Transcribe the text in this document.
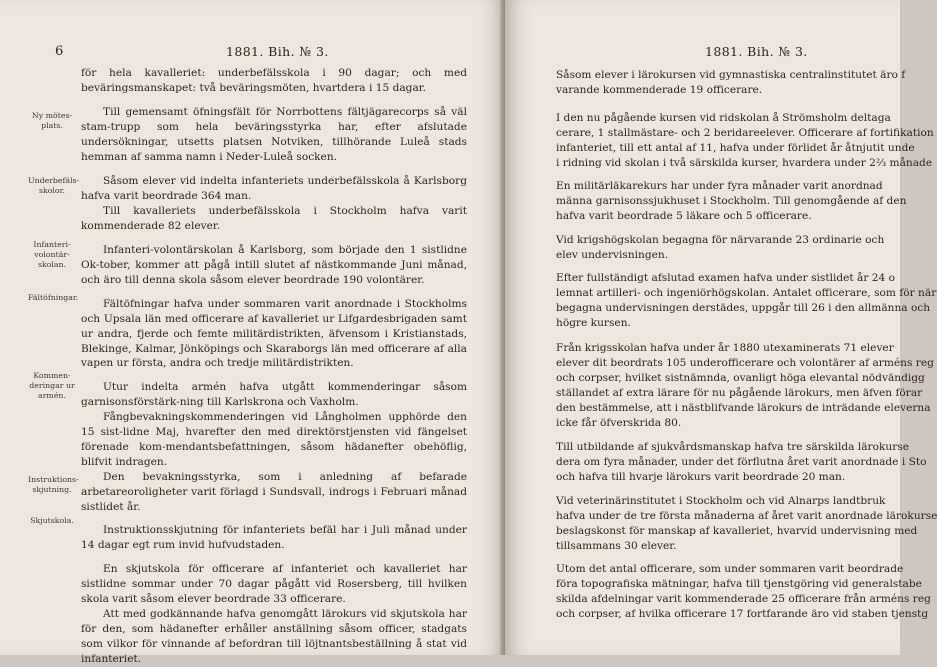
6	1881. Bih. № 3.
Ny mötes-plats.
Underbefäls-skolor.
Infanteri-volontär-skolan.
Fältöfningar.
Kommen-deringar ur armén.
Instruktions-skjutning.
Skjutskola.

för hela kavalleriet: underbefälsskola i 90 dagar; och med beväringsmanskapet: två beväringsmöten, hvartdera i 15 dagar.

Till gemensamt öfningsfält för Norrbottens fältjägarecorps så väl stam-trupp som hela beväringsstyrka har, efter afslutade undersökningar, utsetts platsen Notviken, tillhörande Luleå stads hemman af samma namn i Neder-Luleå socken.

Såsom elever vid indelta infanteriets underbefälsskola å Karlsborg hafva varit beordrade 364 man.

Till kavalleriets underbefälsskola i Stockholm hafva varit kommenderade 82 elever.

Infanteri-volontärskolan å Karlsborg, som började den 1 sistlidne Ok-tober, kommer att pågå intill slutet af nästkommande Juni månad, och äro till denna skola såsom elever beordrade 190 volontärer.

Fältöfningar hafva under sommaren varit anordnade i Stockholms och Upsala län med officerare af kavalleriet ur Lifgardesbrigaden samt ur andra, fjerde och femte militärdistrikten, äfvensom i Kristianstads, Blekinge, Kalmar, Jönköpings och Skaraborgs län med officerare af alla vapen ur första, andra och tredje militärdistrikten.

Utur indelta armén hafva utgått kommenderingar såsom garnisonsförstärk-ning till Karlskrona och Vaxholm.

Fångbevakningskommenderingen vid Långholmen upphörde den 15 sist-lidne Maj, hvarefter den med direktörstjensten vid fängelset förenade kom-mendantsbefattningen, såsom hädanefter obehöflig, blifvit indragen.

Den bevakningsstyrka, som i anledning af befarade arbetareoroligheter varit förlagd i Sundsvall, indrogs i Februari månad sistlidet år.

Instruktionsskjutning för infanteriets befäl har i Juli månad under 14 dagar egt rum invid hufvudstaden.

En skjutskola för officerare af infanteriet och kavalleriet har sistlidne sommar under 70 dagar pågått vid Rosersberg, till hvilken skola varit såsom elever beordrade 33 officerare.

Att med godkännande hafva genomgått lärokurs vid skjutskola har för den, som hädanefter erhåller anställning såsom officer, stadgats som vilkor för vinnande af befordran till löjtnantsbeställning å stat vid infanteriet.

1881. Bih. № 3.

Såsom elever i lärokursen vid gymnastiska centralinstitutet äro f

varande kommenderade 19 officerare.

I den nu pågående kursen vid ridskolan å Strömsholm deltaga

cerare, 1 stallmästare- och 2 beridareelever. Officerare af fortifikation

infanteriet, till ett antal af 11, hafva under förlidet år åtnjutit unde

i ridning vid skolan i två särskilda kurser, hvardera under 2⅔ månade

En militärläkarekurs har under fyra månader varit anordnad

männa garnisonssjukhuset i Stockholm. Till genomgående af den

hafva varit beordrade 5 läkare och 5 officerare.

Vid krigshögskolan begagna för närvarande 23 ordinarie och

elev undervisningen.

Efter fullständigt afslutad examen hafva under sistlidet år 24 o

lemnat artilleri- och ingeniörhögskolan. Antalet officerare, som för när

begagna undervisningen derstädes, uppgår till 26 i den allmänna och

högre kursen.

Från krigsskolan hafva under år 1880 utexaminerats 71 elever

elever dit beordrats 105 underofficerare och volontärer af arméns reg

och corpser, hvilket sistnämnda, ovanligt höga elevantal nödvändigg

ställandet af extra lärare för nu pågående lärokurs, men äfven förar

den bestämmelse, att i nästblifvande lärokurs de inträdande eleverna

icke får öfverskrida 80.

Till utbildande af sjukvårdsmanskap hafva tre särskilda lärokurse

dera om fyra månader, under det förflutna året varit anordnade i Sto

och hafva till hvarje lärokurs varit beordrade 20 man.

Vid veterinärinstitutet i Stockholm och vid Alnarps landtbruk

hafva under de tre första månaderna af året varit anordnade lärokurse

beslagskonst för manskap af kavalleriet, hvarvid undervisning med

tillsammans 30 elever.

Utom det antal officerare, som under sommaren varit beordrade

föra topografiska mätningar, hafva till tjenstgöring vid generalstabe

skilda afdelningar varit kommenderade 25 officerare från arméns reg

och corpser, af hvilka officerare 17 fortfarande äro vid staben tjenstg
